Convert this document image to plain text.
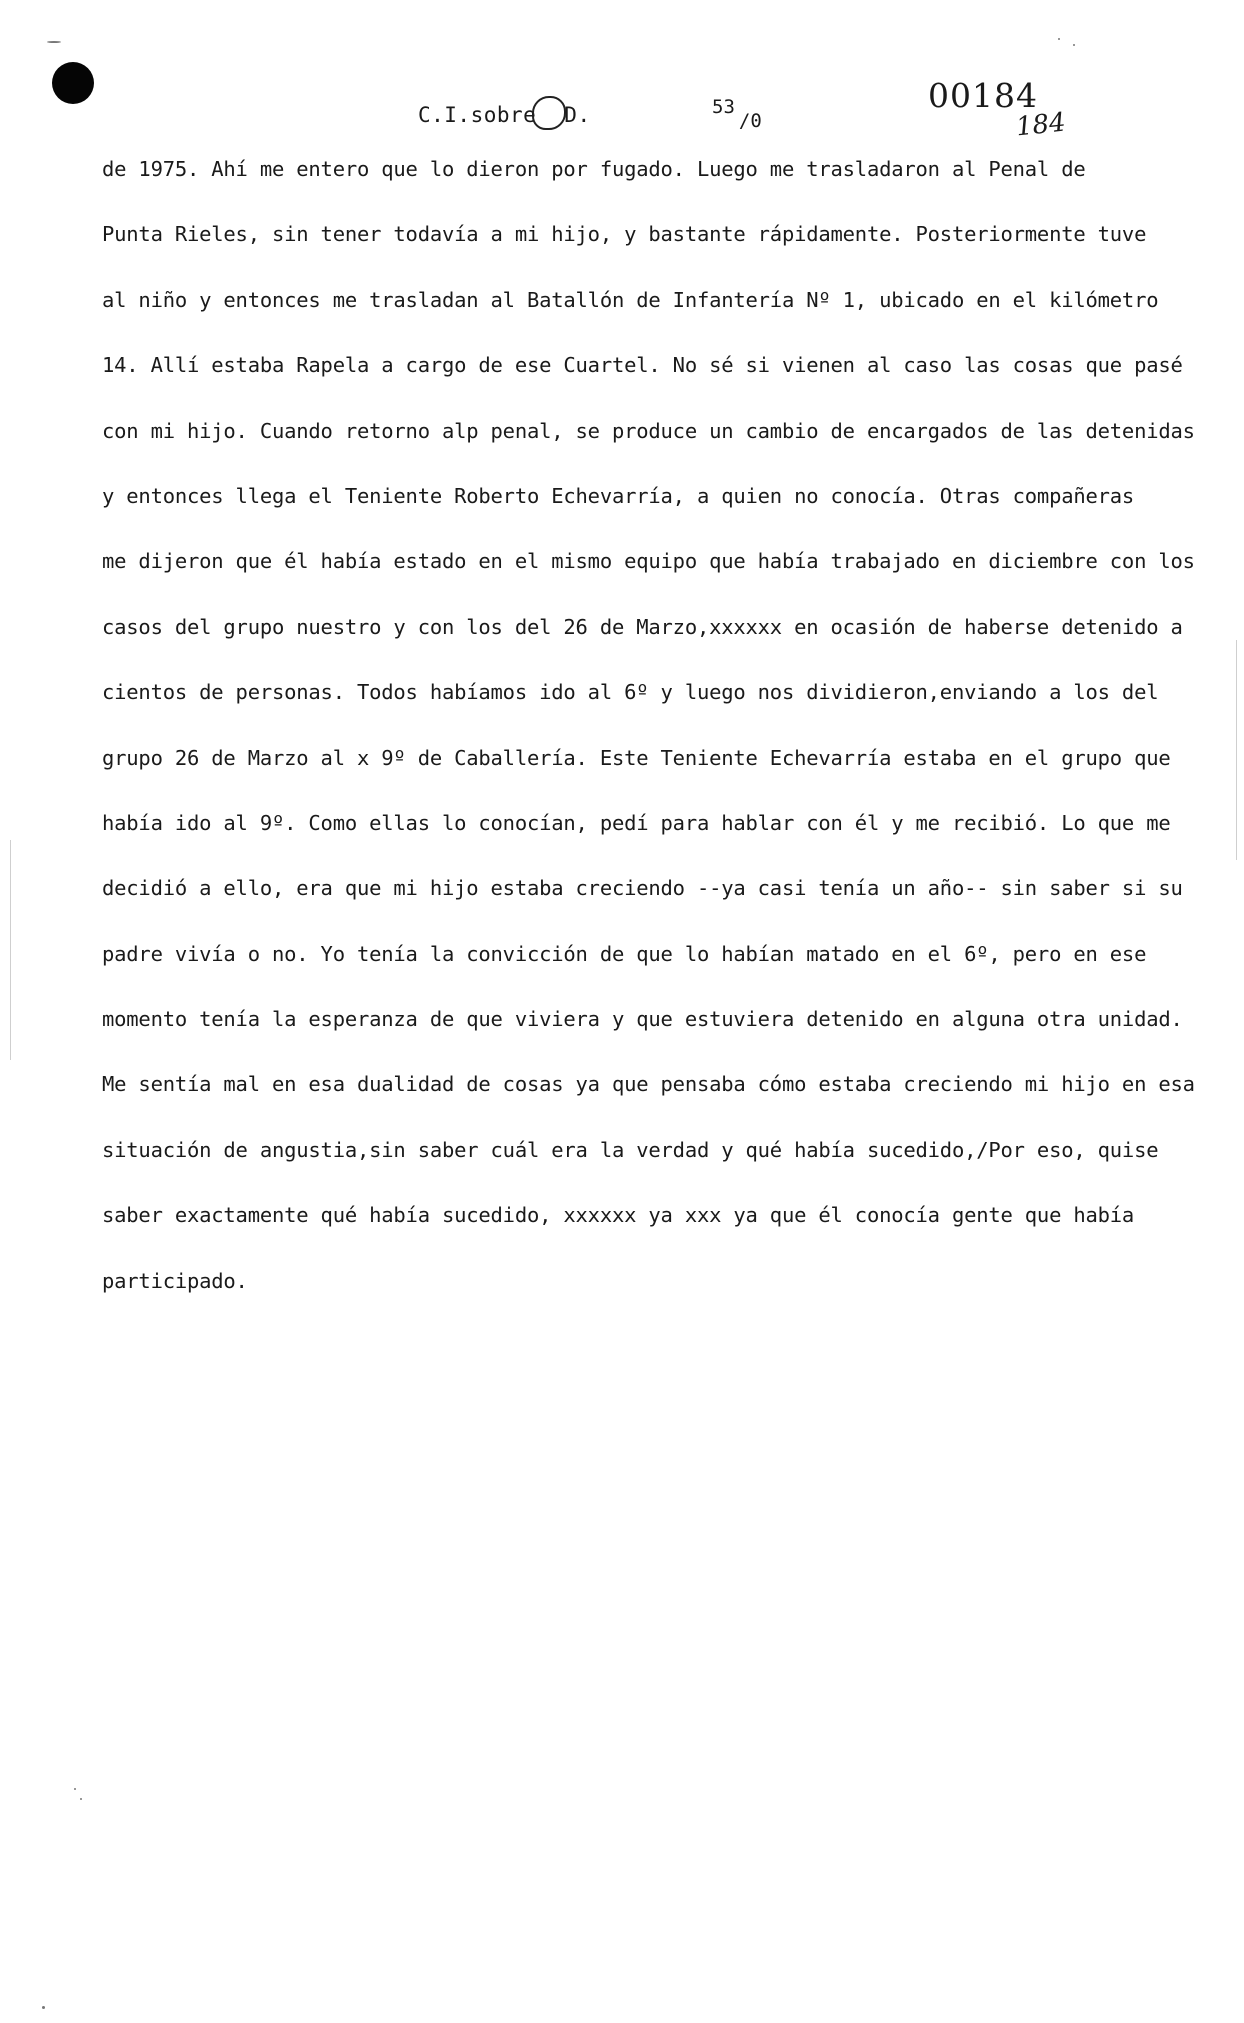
C.I.sobre D.	53/0
00184
184
de 1975. Ahí me entero que lo dieron por fugado. Luego me trasladaron al Penal de
Punta Rieles, sin tener todavía a mi hijo, y bastante rápidamente. Posteriormente tuve
al niño y entonces me trasladan al Batallón de Infantería Nº 1, ubicado en el kilómetro
14. Allí estaba Rapela a cargo de ese Cuartel. No sé si vienen al caso las cosas que pasé
con mi hijo. Cuando retorno alp penal, se produce un cambio de encargados de las detenidas
y entonces llega el Teniente Roberto Echevarría, a quien no conocía. Otras compañeras
me dijeron que él había estado en el mismo equipo que había trabajado en diciembre con los
casos del grupo nuestro y con los del 26 de Marzo,xxxxxx en ocasión de haberse detenido a
cientos de personas. Todos habíamos ido al 6º y luego nos dividieron,enviando a los del
grupo 26 de Marzo al x 9º de Caballería. Este Teniente Echevarría estaba en el grupo que
había ido al 9º. Como ellas lo conocían, pedí para hablar con él y me recibió. Lo que me
decidió a ello, era que mi hijo estaba creciendo --ya casi tenía un año-- sin saber si su
padre vivía o no. Yo tenía la convicción de que lo habían matado en el 6º, pero en ese
momento tenía la esperanza de que viviera y que estuviera detenido en alguna otra unidad.
Me sentía mal en esa dualidad de cosas ya que pensaba cómo estaba creciendo mi hijo en esa
situación de angustia,sin saber cuál era la verdad y qué había sucedido,/Por eso, quise
saber exactamente qué había sucedido, xxxxxx ya xxx ya que él conocía gente que había
participado.
